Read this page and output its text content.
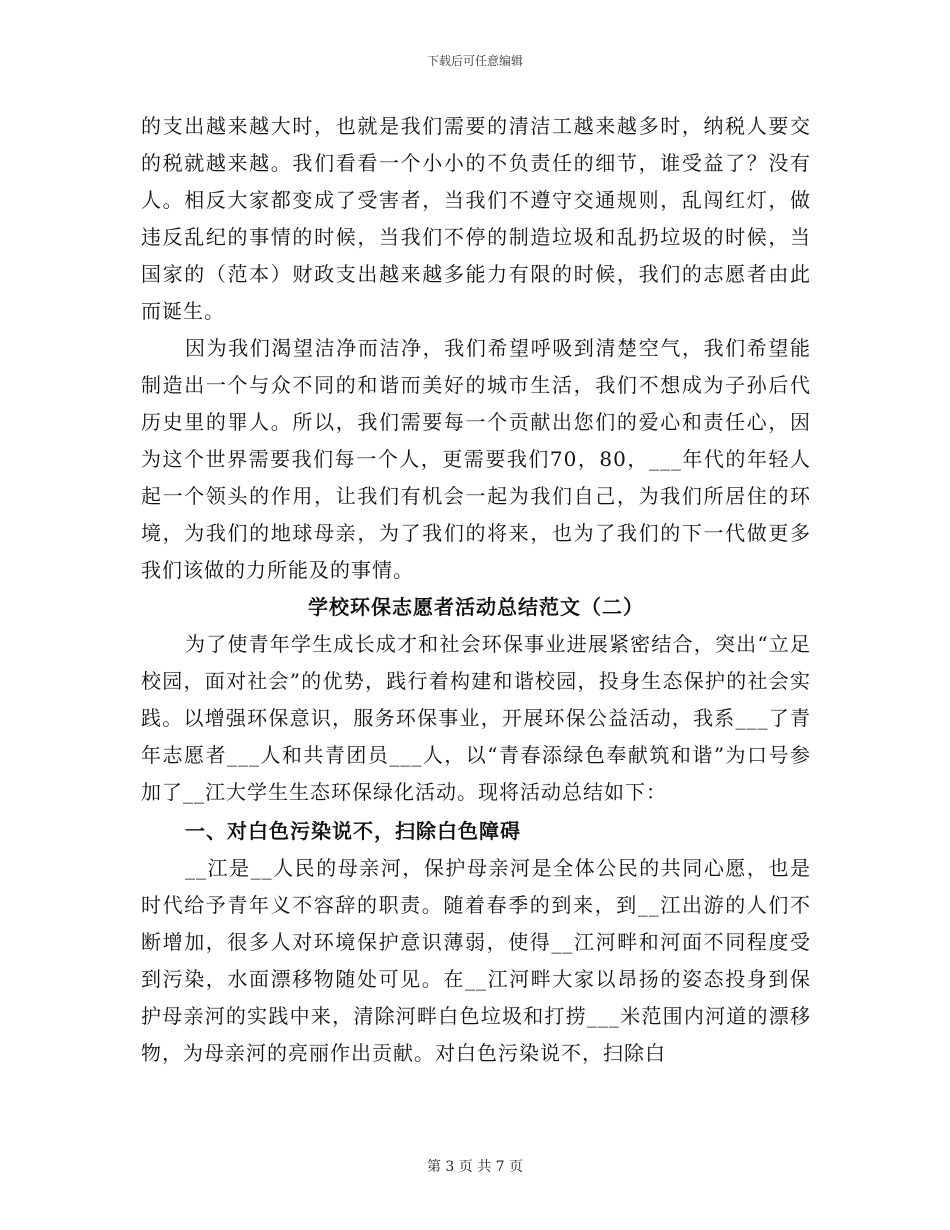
下载后可任意编辑

的支出越来越大时，也就是我们需要的清洁工越来越多时，纳税人要交的税就越来越。我们看看一个小小的不负责任的细节，谁受益了？没有人。相反大家都变成了受害者，当我们不遵守交通规则，乱闯红灯，做违反乱纪的事情的时候，当我们不停的制造垃圾和乱扔垃圾的时候，当国家的（范本）财政支出越来越多能力有限的时候，我们的志愿者由此而诞生。

因为我们渴望洁净而洁净，我们希望呼吸到清楚空气，我们希望能制造出一个与众不同的和谐而美好的城市生活，我们不想成为子孙后代历史里的罪人。所以，我们需要每一个贡献出您们的爱心和责任心，因为这个世界需要我们每一个人，更需要我们70，80，___年代的年轻人起一个领头的作用，让我们有机会一起为我们自己，为我们所居住的环境，为我们的地球母亲，为了我们的将来，也为了我们的下一代做更多我们该做的力所能及的事情。

学校环保志愿者活动总结范文（二）

为了使青年学生成长成才和社会环保事业进展紧密结合，突出“立足校园，面对社会”的优势，践行着构建和谐校园，投身生态保护的社会实践。以增强环保意识，服务环保事业，开展环保公益活动，我系___了青年志愿者___人和共青团员___人，以“青春添绿色奉献筑和谐”为口号参加了__江大学生生态环保绿化活动。现将活动总结如下：

一、对白色污染说不，扫除白色障碍

__江是__人民的母亲河，保护母亲河是全体公民的共同心愿，也是时代给予青年义不容辞的职责。随着春季的到来，到__江出游的人们不断增加，很多人对环境保护意识薄弱，使得__江河畔和河面不同程度受到污染，水面漂移物随处可见。在__江河畔大家以昂扬的姿态投身到保护母亲河的实践中来，清除河畔白色垃圾和打捞___米范围内河道的漂移物，为母亲河的亮丽作出贡献。对白色污染说不，扫除白

第 3 页 共 7 页
